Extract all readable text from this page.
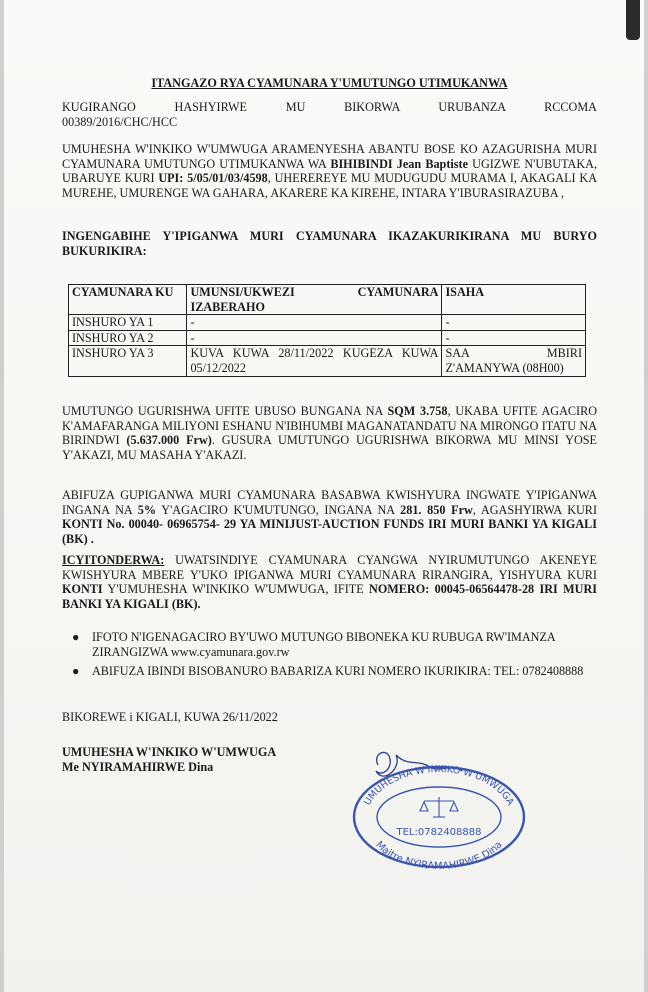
ITANGAZO RYA CYAMUNARA Y'UMUTUNGO UTIMUKANWA
KUGIRANGO HASHYIRWE MU BIKORWA URUBANZA RCCOMA
00389/2016/CHC/HCC
UMUHESHA W'INKIKO W'UMWUGA ARAMENYESHA ABANTU BOSE KO AZAGURISHA MURI CYAMUNARA UMUTUNGO UTIMUKANWA WA BIHIBINDI Jean Baptiste UGIZWE N'UBUTAKA, UBARUYE KURI UPI: 5/05/01/03/4598, UHEREREYE MU MUDUGUDU MURAMA I, AKAGALI KA MUREHE, UMURENGE WA GAHARA, AKARERE KA KIREHE, INTARA Y'IBURASIRAZUBA ,
INGENGABIHE Y'IPIGANWA MURI CYAMUNARA IKAZAKURIKIRANA MU BURYO BUKURIKIRA:
CYAMUNARA KU	UMUNSI/UKWEZI CYAMUNARA IZABERAHO	ISAHA
INSHURO YA 1	-	-
INSHURO YA 2	-	-
INSHURO YA 3	KUVA KUWA 28/11/2022 KUGEZA KUWA 05/12/2022	SAA MBIRI Z'AMANYWA (08H00)
UMUTUNGO UGURISHWA UFITE UBUSO BUNGANA NA SQM 3.758, UKABA UFITE AGACIRO K'AMAFARANGA MILIYONI ESHANU N'IBIHUMBI MAGANATANDATU NA MIRONGO ITATU NA BIRINDWI (5.637.000 Frw). GUSURA UMUTUNGO UGURISHWA BIKORWA MU MINSI YOSE Y'AKAZI, MU MASAHA Y'AKAZI.
ABIFUZA GUPIGANWA MURI CYAMUNARA BASABWA KWISHYURA INGWATE Y'IPIGANWA INGANA NA 5% Y'AGACIRO K'UMUTUNGO, INGANA NA 281. 850 Frw, AGASHYIRWA KURI KONTI No. 00040- 06965754- 29 YA MINIJUST-AUCTION FUNDS IRI MURI BANKI YA KIGALI (BK) .
ICYITONDERWA: UWATSINDIYE CYAMUNARA CYANGWA NYIRUMUTUNGO AKENEYE KWISHYURA MBERE Y'UKO IPIGANWA MURI CYAMUNARA RIRANGIRA, YISHYURA KURI KONTI Y'UMUHESHA W'INKIKO W'UMWUGA, IFITE NOMERO: 00045-06564478-28 IRI MURI BANKI YA KIGALI (BK).
● IFOTO N'IGENAGACIRO BY'UWO MUTUNGO BIBONEKA KU RUBUGA RW'IMANZA ZIRANGIZWA www.cyamunara.gov.rw
● ABIFUZA IBINDI BISOBANURO BABARIZA KURI NOMERO IKURIKIRA: TEL: 0782408888
BIKOREWE i KIGALI, KUWA 26/11/2022
UMUHESHA W'INKIKO W'UMWUGA
Me NYIRAMAHIRWE Dina
UMUHESHA W'INKIKO W'UMWUGA
Maitre NYIRAMAHIRWE Dina
TEL:0782408888
